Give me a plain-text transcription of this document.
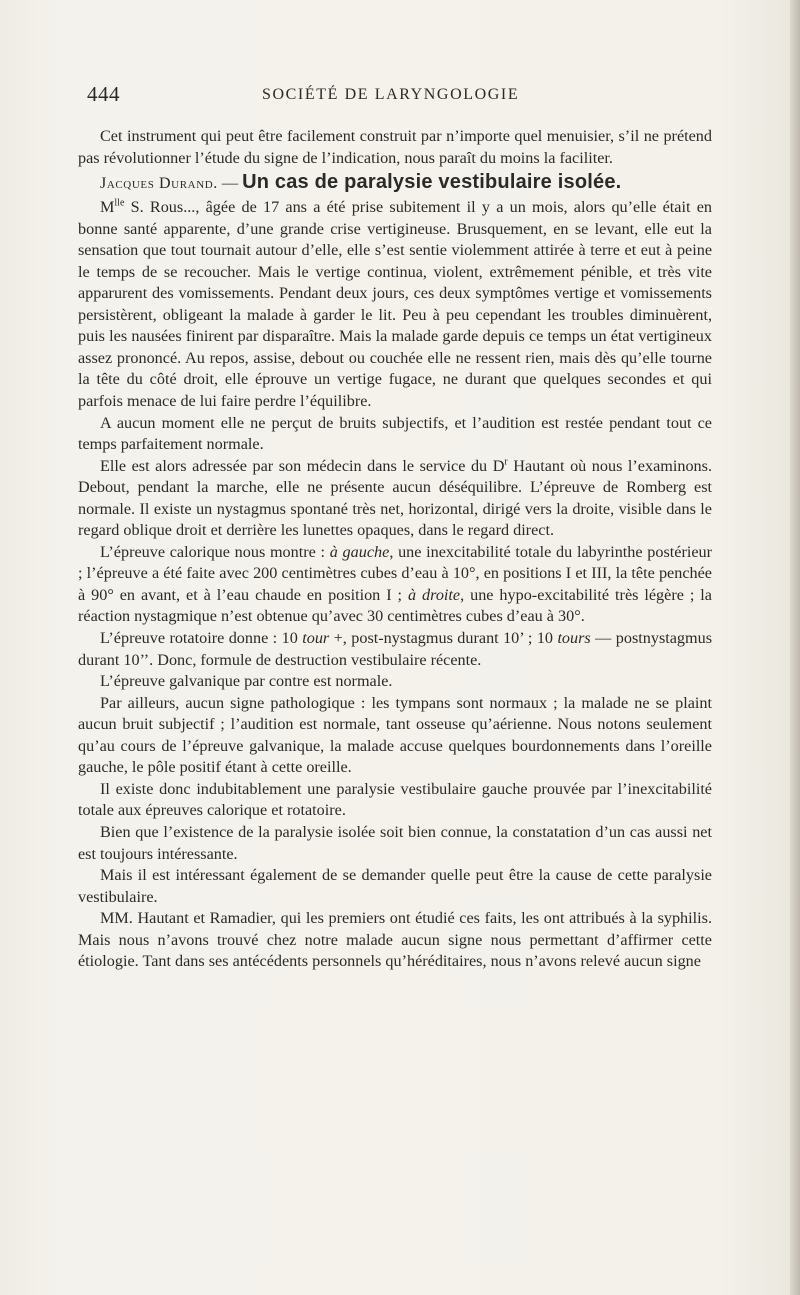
444	SOCIÉTÉ DE LARYNGOLOGIE

Cet instrument qui peut être facilement construit par n’importe quel menuisier, s’il ne prétend pas révolutionner l’étude du signe de l’indication, nous paraît du moins la faciliter.

Jacques Durand. — Un cas de paralysie vestibulaire isolée.

$M^{lle}$ S. Rous..., âgée de 17 ans a été prise subitement il y a un mois, alors qu’elle était en bonne santé apparente, d’une grande crise vertigineuse. Brusquement, en se levant, elle eut la sensation que tout tournait autour d’elle, elle s’est sentie violemment attirée à terre et eut à peine le temps de se recoucher. Mais le vertige continua, violent, extrêmement pénible, et très vite apparurent des vomissements. Pendant deux jours, ces deux symptômes vertige et vomissements persistèrent, obligeant la malade à garder le lit. Peu à peu cependant les troubles diminuèrent, puis les nausées finirent par disparaître. Mais la malade garde depuis ce temps un état vertigineux assez prononcé. Au repos, assise, debout ou couchée elle ne ressent rien, mais dès qu’elle tourne la tête du côté droit, elle éprouve un vertige fugace, ne durant que quelques secondes et qui parfois menace de lui faire perdre l’équilibre.

A aucun moment elle ne perçut de bruits subjectifs, et l’audition est restée pendant tout ce temps parfaitement normale.

Elle est alors adressée par son médecin dans le service du $D^r$ Hautant où nous l’examinons. Debout, pendant la marche, elle ne présente aucun déséquilibre. L’épreuve de Romberg est normale. Il existe un nystagmus spontané très net, horizontal, dirigé vers la droite, visible dans le regard oblique droit et derrière les lunettes opaques, dans le regard direct.

L’épreuve calorique nous montre : à gauche, une inexcitabilité totale du labyrinthe postérieur ; l’épreuve a été faite avec 200 centimètres cubes d’eau à 10°, en positions I et III, la tête penchée à 90° en avant, et à l’eau chaude en position I ; à droite, une hypo-excitabilité très légère ; la réaction nystagmique n’est obtenue qu’avec 30 centimètres cubes d’eau à 30°.

L’épreuve rotatoire donne : 10 tour +, post-nystagmus durant 10’ ; 10 tours — postnystagmus durant 10’’. Donc, formule de destruction vestibulaire récente.

L’épreuve galvanique par contre est normale.

Par ailleurs, aucun signe pathologique : les tympans sont normaux ; la malade ne se plaint aucun bruit subjectif ; l’audition est normale, tant osseuse qu’aérienne. Nous notons seulement qu’au cours de l’épreuve galvanique, la malade accuse quelques bourdonnements dans l’oreille gauche, le pôle positif étant à cette oreille.

Il existe donc indubitablement une paralysie vestibulaire gauche prouvée par l’inexcitabilité totale aux épreuves calorique et rotatoire.

Bien que l’existence de la paralysie isolée soit bien connue, la constatation d’un cas aussi net est toujours intéressante.

Mais il est intéressant également de se demander quelle peut être la cause de cette paralysie vestibulaire.

MM. Hautant et Ramadier, qui les premiers ont étudié ces faits, les ont attribués à la syphilis. Mais nous n’avons trouvé chez notre malade aucun signe nous permettant d’affirmer cette étiologie. Tant dans ses antécédents personnels qu’héréditaires, nous n’avons relevé aucun signe
